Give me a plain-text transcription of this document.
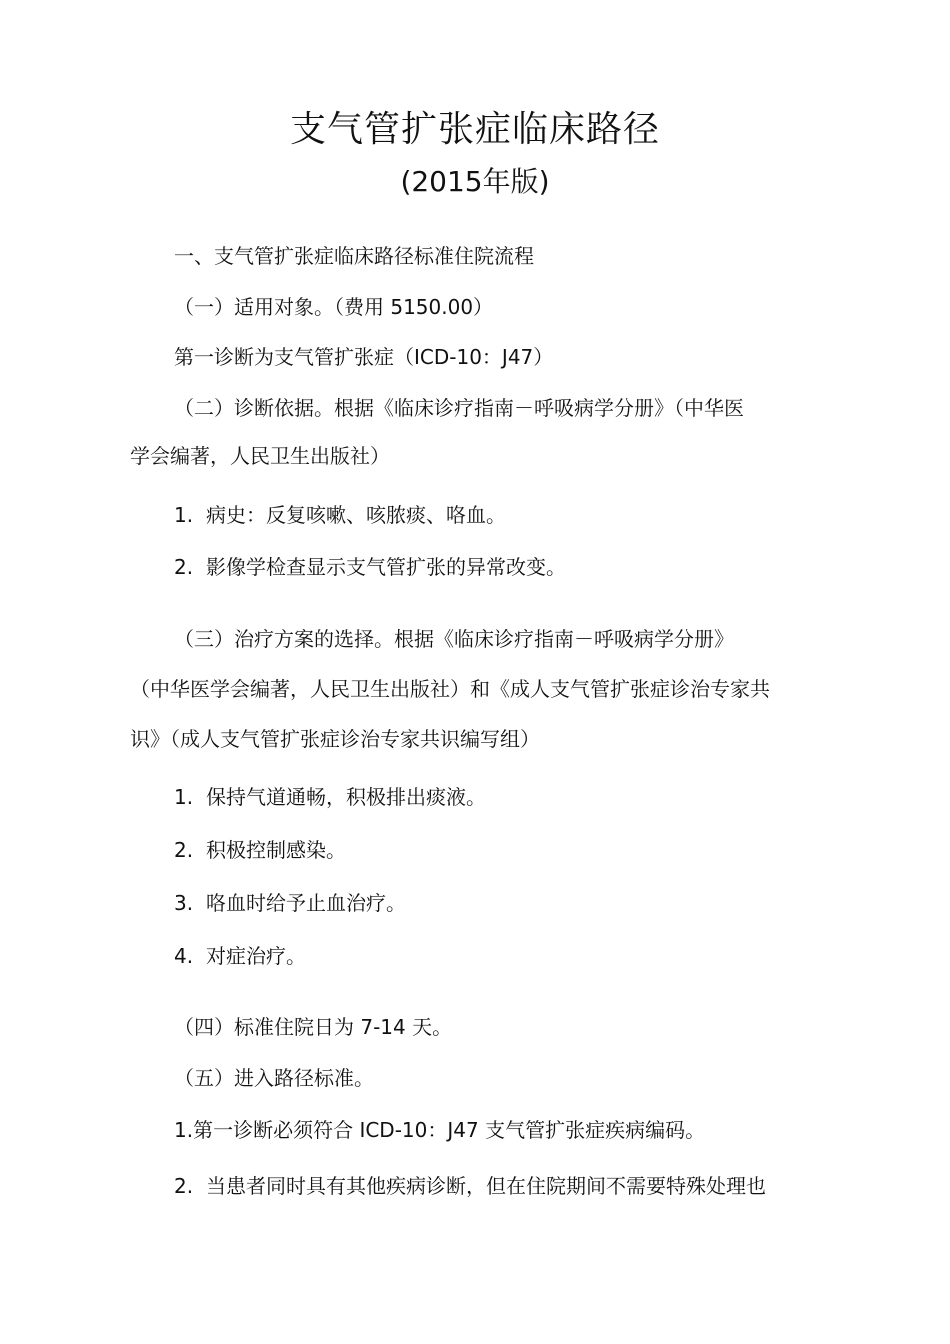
支气管扩张症临床路径
(2015年版)
一、支气管扩张症临床路径标准住院流程
（一）适用对象。（费用 5150.00）
第一诊断为支气管扩张症（ICD-10：J47）
（二）诊断依据。根据《临床诊疗指南－呼吸病学分册》（中华医
学会编著，人民卫生出版社）
1. 病史：反复咳嗽、咳脓痰、咯血。
2. 影像学检查显示支气管扩张的异常改变。
（三）治疗方案的选择。根据《临床诊疗指南－呼吸病学分册》
（中华医学会编著，人民卫生出版社）和《成人支气管扩张症诊治专家共
识》（成人支气管扩张症诊治专家共识编写组）
1. 保持气道通畅，积极排出痰液。
2. 积极控制感染。
3. 咯血时给予止血治疗。
4. 对症治疗。
（四）标准住院日为 7-14 天。
（五）进入路径标准。
1.第一诊断必须符合 ICD-10：J47 支气管扩张症疾病编码。
2. 当患者同时具有其他疾病诊断，但在住院期间不需要特殊处理也
